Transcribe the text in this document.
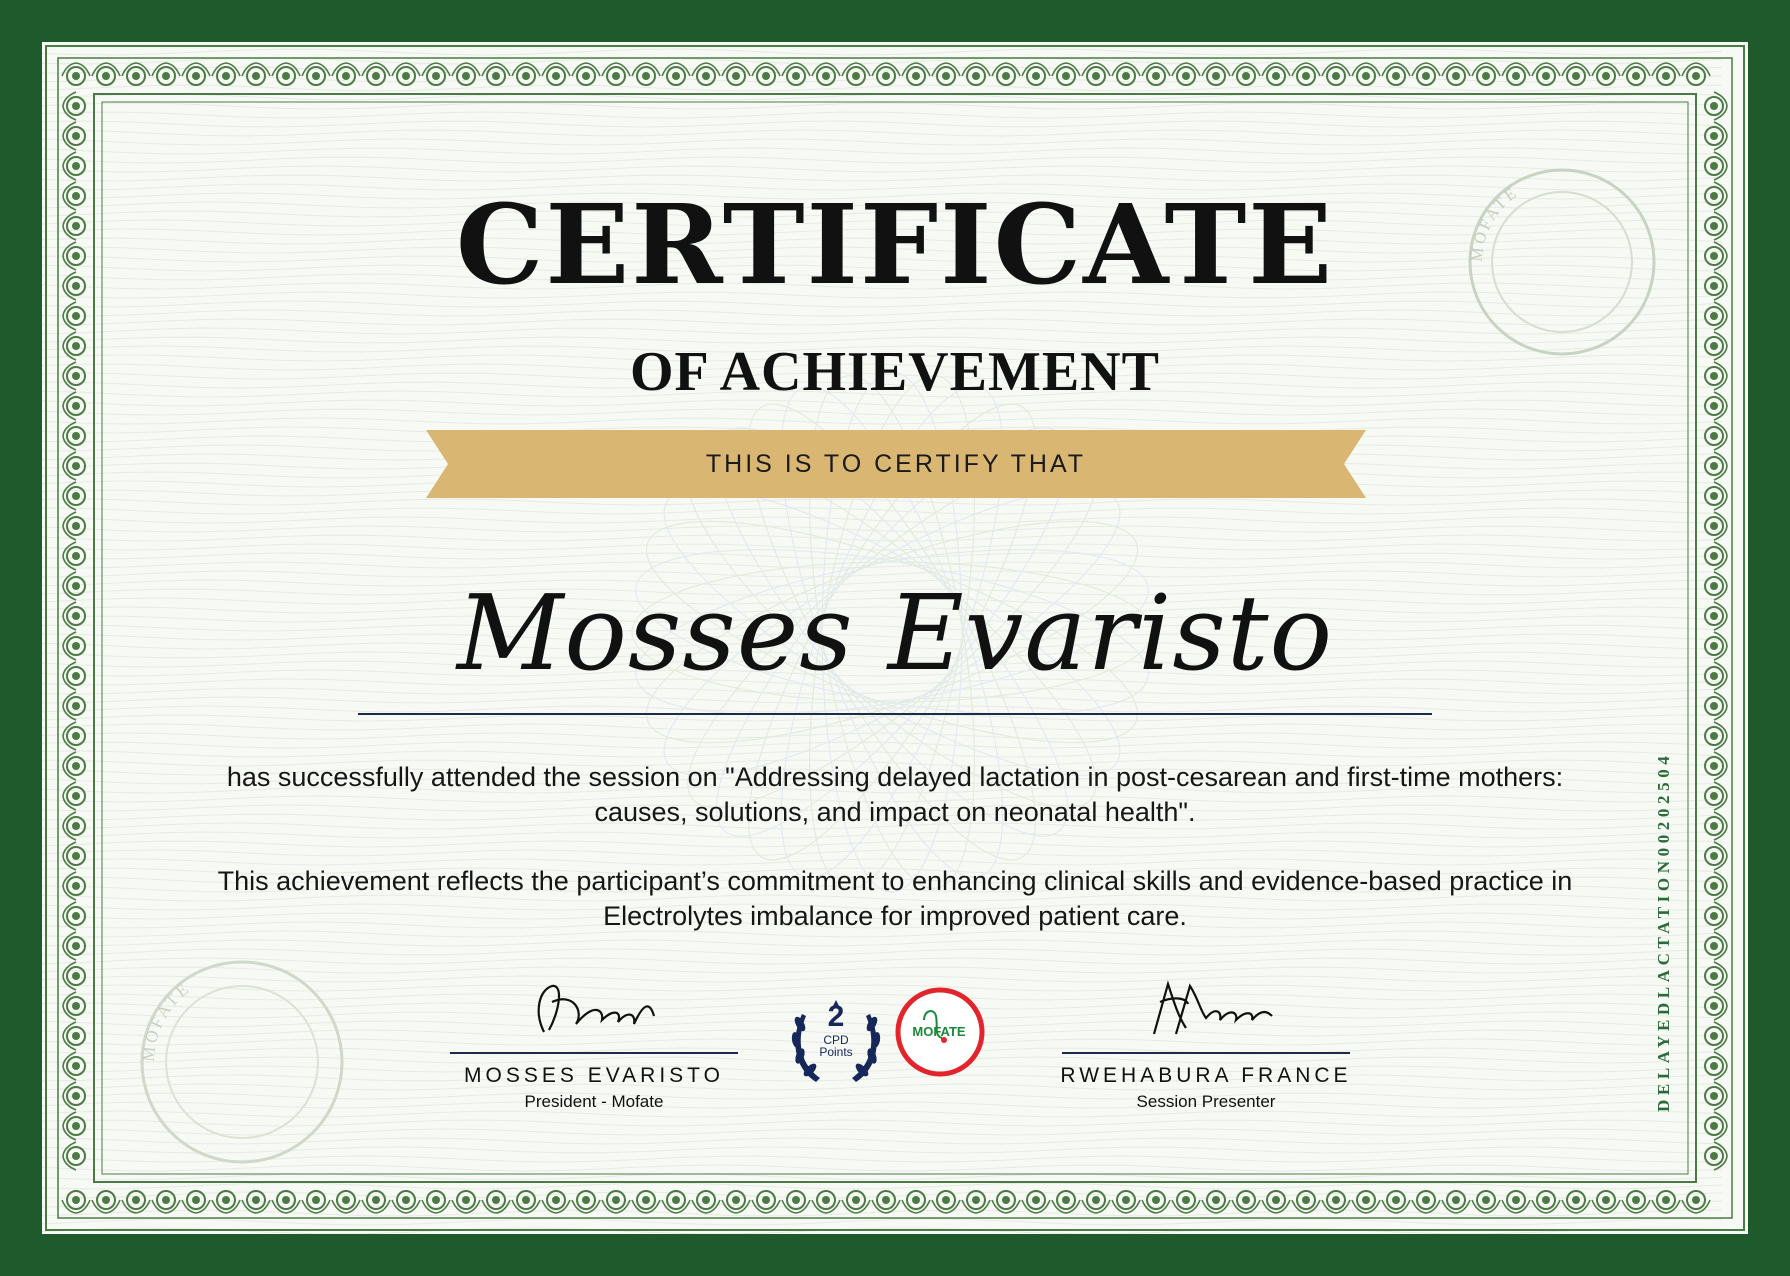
MOFATE
MOFATE
CERTIFICATE
OF ACHIEVEMENT
THIS IS TO CERTIFY THAT
Mosses Evaristo
has successfully attended the session on "Addressing delayed lactation in post-cesarean and first-time mothers: causes, solutions, and impact on neonatal health".
This achievement reflects the participant’s commitment to enhancing clinical skills and evidence-based practice in Electrolytes imbalance for improved patient care.
MOSSES EVARISTO
President - Mofate
RWEHABURA FRANCE
Session Presenter
2
CPD
Points
MOFATE	DELAYEDLACTATION00202504
